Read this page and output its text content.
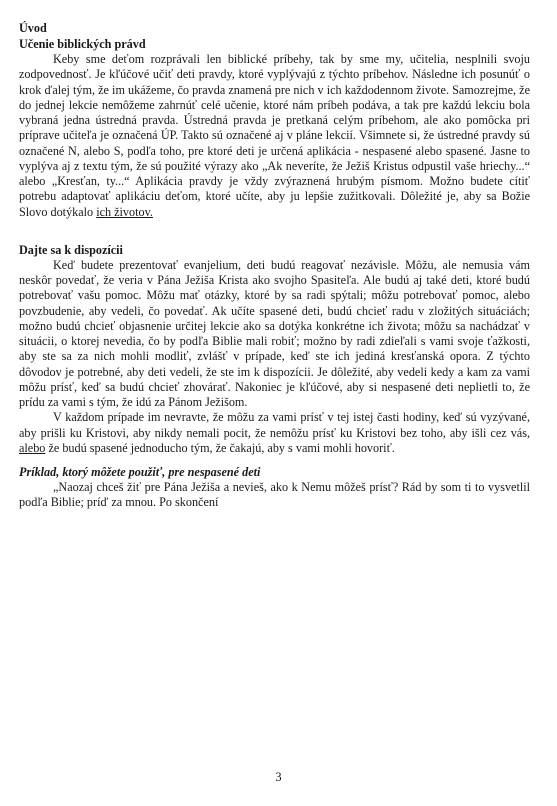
Úvod

Učenie biblických právd

Keby sme deťom rozprávali len biblické príbehy, tak by sme my, učitelia, nesplnili svoju zodpovednosť. Je kľúčové učiť deti pravdy, ktoré vyplývajú z týchto príbehov. Následne ich posunúť o krok ďalej tým, že im ukážeme, čo pravda znamená pre nich v ich každodennom živote. Samozrejme, že do jednej lekcie nemôžeme zahrnúť celé učenie, ktoré nám príbeh podáva, a tak pre každú lekciu bola vybraná jedna ústredná pravda. Ústredná pravda je pretkaná celým príbehom, ale ako pomôcka pri príprave učiteľa je označená ÚP. Takto sú označené aj v pláne lekcií. Všimnete si, že ústredné pravdy sú označené N, alebo S, podľa toho, pre ktoré deti je určená aplikácia - nespasené alebo spasené. Jasne to vyplýva aj z textu tým, že sú použité výrazy ako „Ak neveríte, že Ježiš Kristus odpustil vaše hriechy...“ alebo „Kresťan, ty...“ Aplikácia pravdy je vždy zvýraznená hrubým písmom. Možno budete cítiť potrebu adaptovať aplikáciu deťom, ktoré učíte, aby ju lepšie zužitkovali. Dôležité je, aby sa Božie Slovo dotýkalo ich životov.

Dajte sa k dispozícii

Keď budete prezentovať evanjelium, deti budú reagovať nezávisle. Môžu, ale nemusia vám neskôr povedať, že veria v Pána Ježiša Krista ako svojho Spasiteľa. Ale budú aj také deti, ktoré budú potrebovať vašu pomoc. Môžu mať otázky, ktoré by sa radi spýtali; môžu potrebovať pomoc, alebo povzbudenie, aby vedeli, čo povedať. Ak učíte spasené deti, budú chcieť radu v zložitých situáciách; možno budú chcieť objasnenie určitej lekcie ako sa dotýka konkrétne ich života; môžu sa nachádzať v situácii, o ktorej nevedia, čo by podľa Biblie mali robiť; možno by radi zdieľali s vami svoje ťažkosti, aby ste sa za nich mohli modliť, zvlášť v prípade, keď ste ich jediná kresťanská opora. Z týchto dôvodov je potrebné, aby deti vedeli, že ste im k dispozícii. Je dôležité, aby vedeli kedy a kam za vami môžu prísť, keď sa budú chcieť zhovárať. Nakoniec je kľúčové, aby si nespasené deti neplietli to, že prídu za vami s tým, že idú za Pánom Ježišom.

V každom prípade im nevravte, že môžu za vami prísť v tej istej časti hodiny, keď sú vyzývané, aby prišli ku Kristovi, aby nikdy nemali pocit, že nemôžu prísť ku Kristovi bez toho, aby išli cez vás, alebo že budú spasené jednoducho tým, že čakajú, aby s vami mohli hovoriť.

Príklad, ktorý môžete použiť, pre nespasené deti

„Naozaj chceš žiť pre Pána Ježiša a nevieš, ako k Nemu môžeš prísť? Rád by som ti to vysvetlil podľa Biblie; príď za mnou. Po skončení

3
